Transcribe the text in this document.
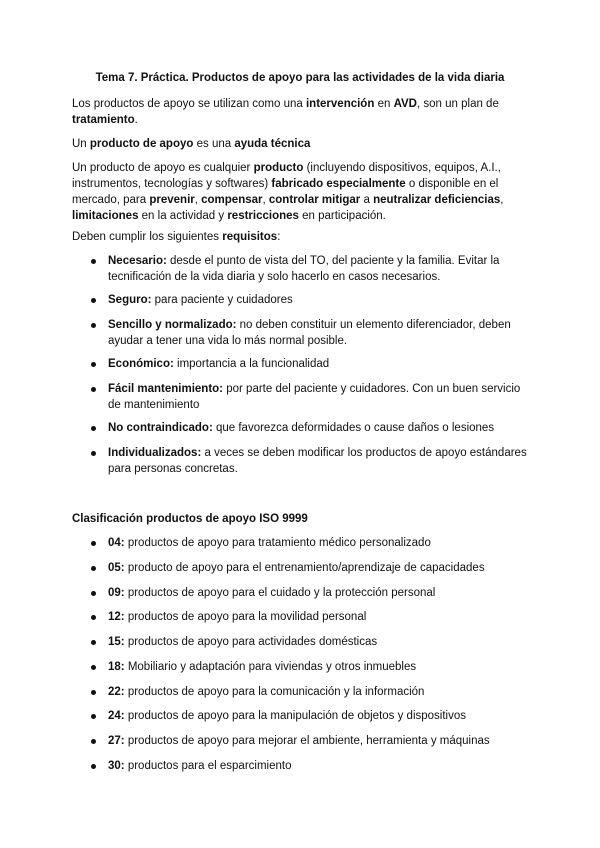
Tema 7. Práctica. Productos de apoyo para las actividades de la vida diaria

Los productos de apoyo se utilizan como una intervención en AVD, son un plan de tratamiento.

Un producto de apoyo es una ayuda técnica

Un producto de apoyo es cualquier producto (incluyendo dispositivos, equipos, A.I., instrumentos, tecnologías y softwares) fabricado especialmente o disponible en el mercado, para prevenir, compensar, controlar mitigar a neutralizar deficiencias, limitaciones en la actividad y restricciones en participación.

Deben cumplir los siguientes requisitos:

Necesario: desde el punto de vista del TO, del paciente y la familia. Evitar la tecnificación de la vida diaria y solo hacerlo en casos necesarios.
Seguro: para paciente y cuidadores
Sencillo y normalizado: no deben constituir un elemento diferenciador, deben ayudar a tener una vida lo más normal posible.
Económico: importancia a la funcionalidad
Fácil mantenimiento: por parte del paciente y cuidadores. Con un buen servicio de mantenimiento
No contraindicado: que favorezca deformidades o cause daños o lesiones
Individualizados: a veces se deben modificar los productos de apoyo estándares para personas concretas.

Clasificación productos de apoyo ISO 9999

04: productos de apoyo para tratamiento médico personalizado
05: producto de apoyo para el entrenamiento/aprendizaje de capacidades
09: productos de apoyo para el cuidado y la protección personal
12: productos de apoyo para la movilidad personal
15: productos de apoyo para actividades domésticas
18: Mobiliario y adaptación para viviendas y otros inmuebles
22: productos de apoyo para la comunicación y la información
24: productos de apoyo para la manipulación de objetos y dispositivos
27: productos de apoyo para mejorar el ambiente, herramienta y máquinas
30: productos para el esparcimiento
